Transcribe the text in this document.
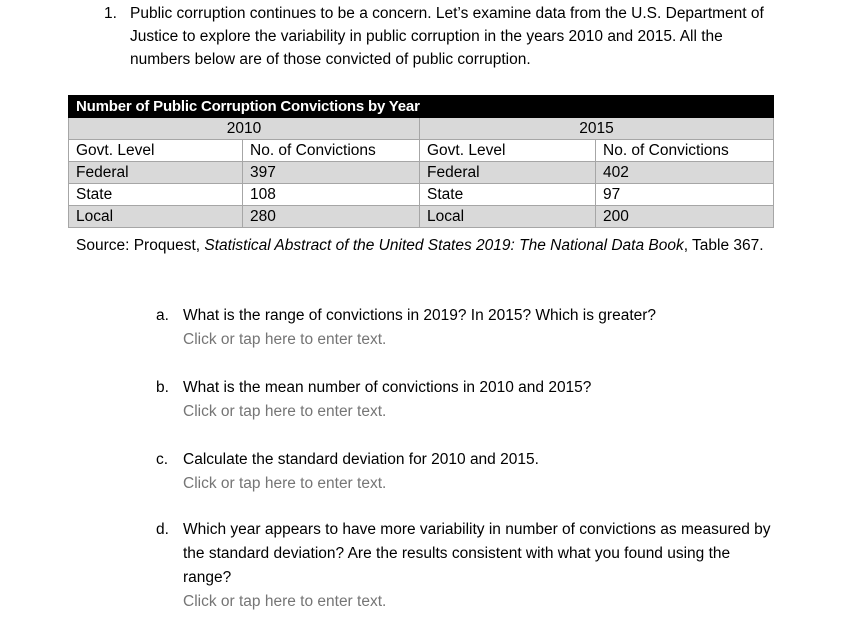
1. Public corruption continues to be a concern. Let’s examine data from the U.S. Department of Justice to explore the variability in public corruption in the years 2010 and 2015. All the numbers below are of those convicted of public corruption.
Number of Public Corruption Convictions by Year			
2010		2015	
Govt. Level	No. of Convictions	Govt. Level	No. of Convictions
Federal	397	Federal	402
State	108	State	97
Local	280	Local	200
Source: Proquest, Statistical Abstract of the United States 2019: The National Data Book, Table 367.
a. What is the range of convictions in 2019? In 2015? Which is greater?
Click or tap here to enter text.
b. What is the mean number of convictions in 2010 and 2015?
Click or tap here to enter text.
c. Calculate the standard deviation for 2010 and 2015.
Click or tap here to enter text.
d. Which year appears to have more variability in number of convictions as measured by the standard deviation? Are the results consistent with what you found using the range?
Click or tap here to enter text.
